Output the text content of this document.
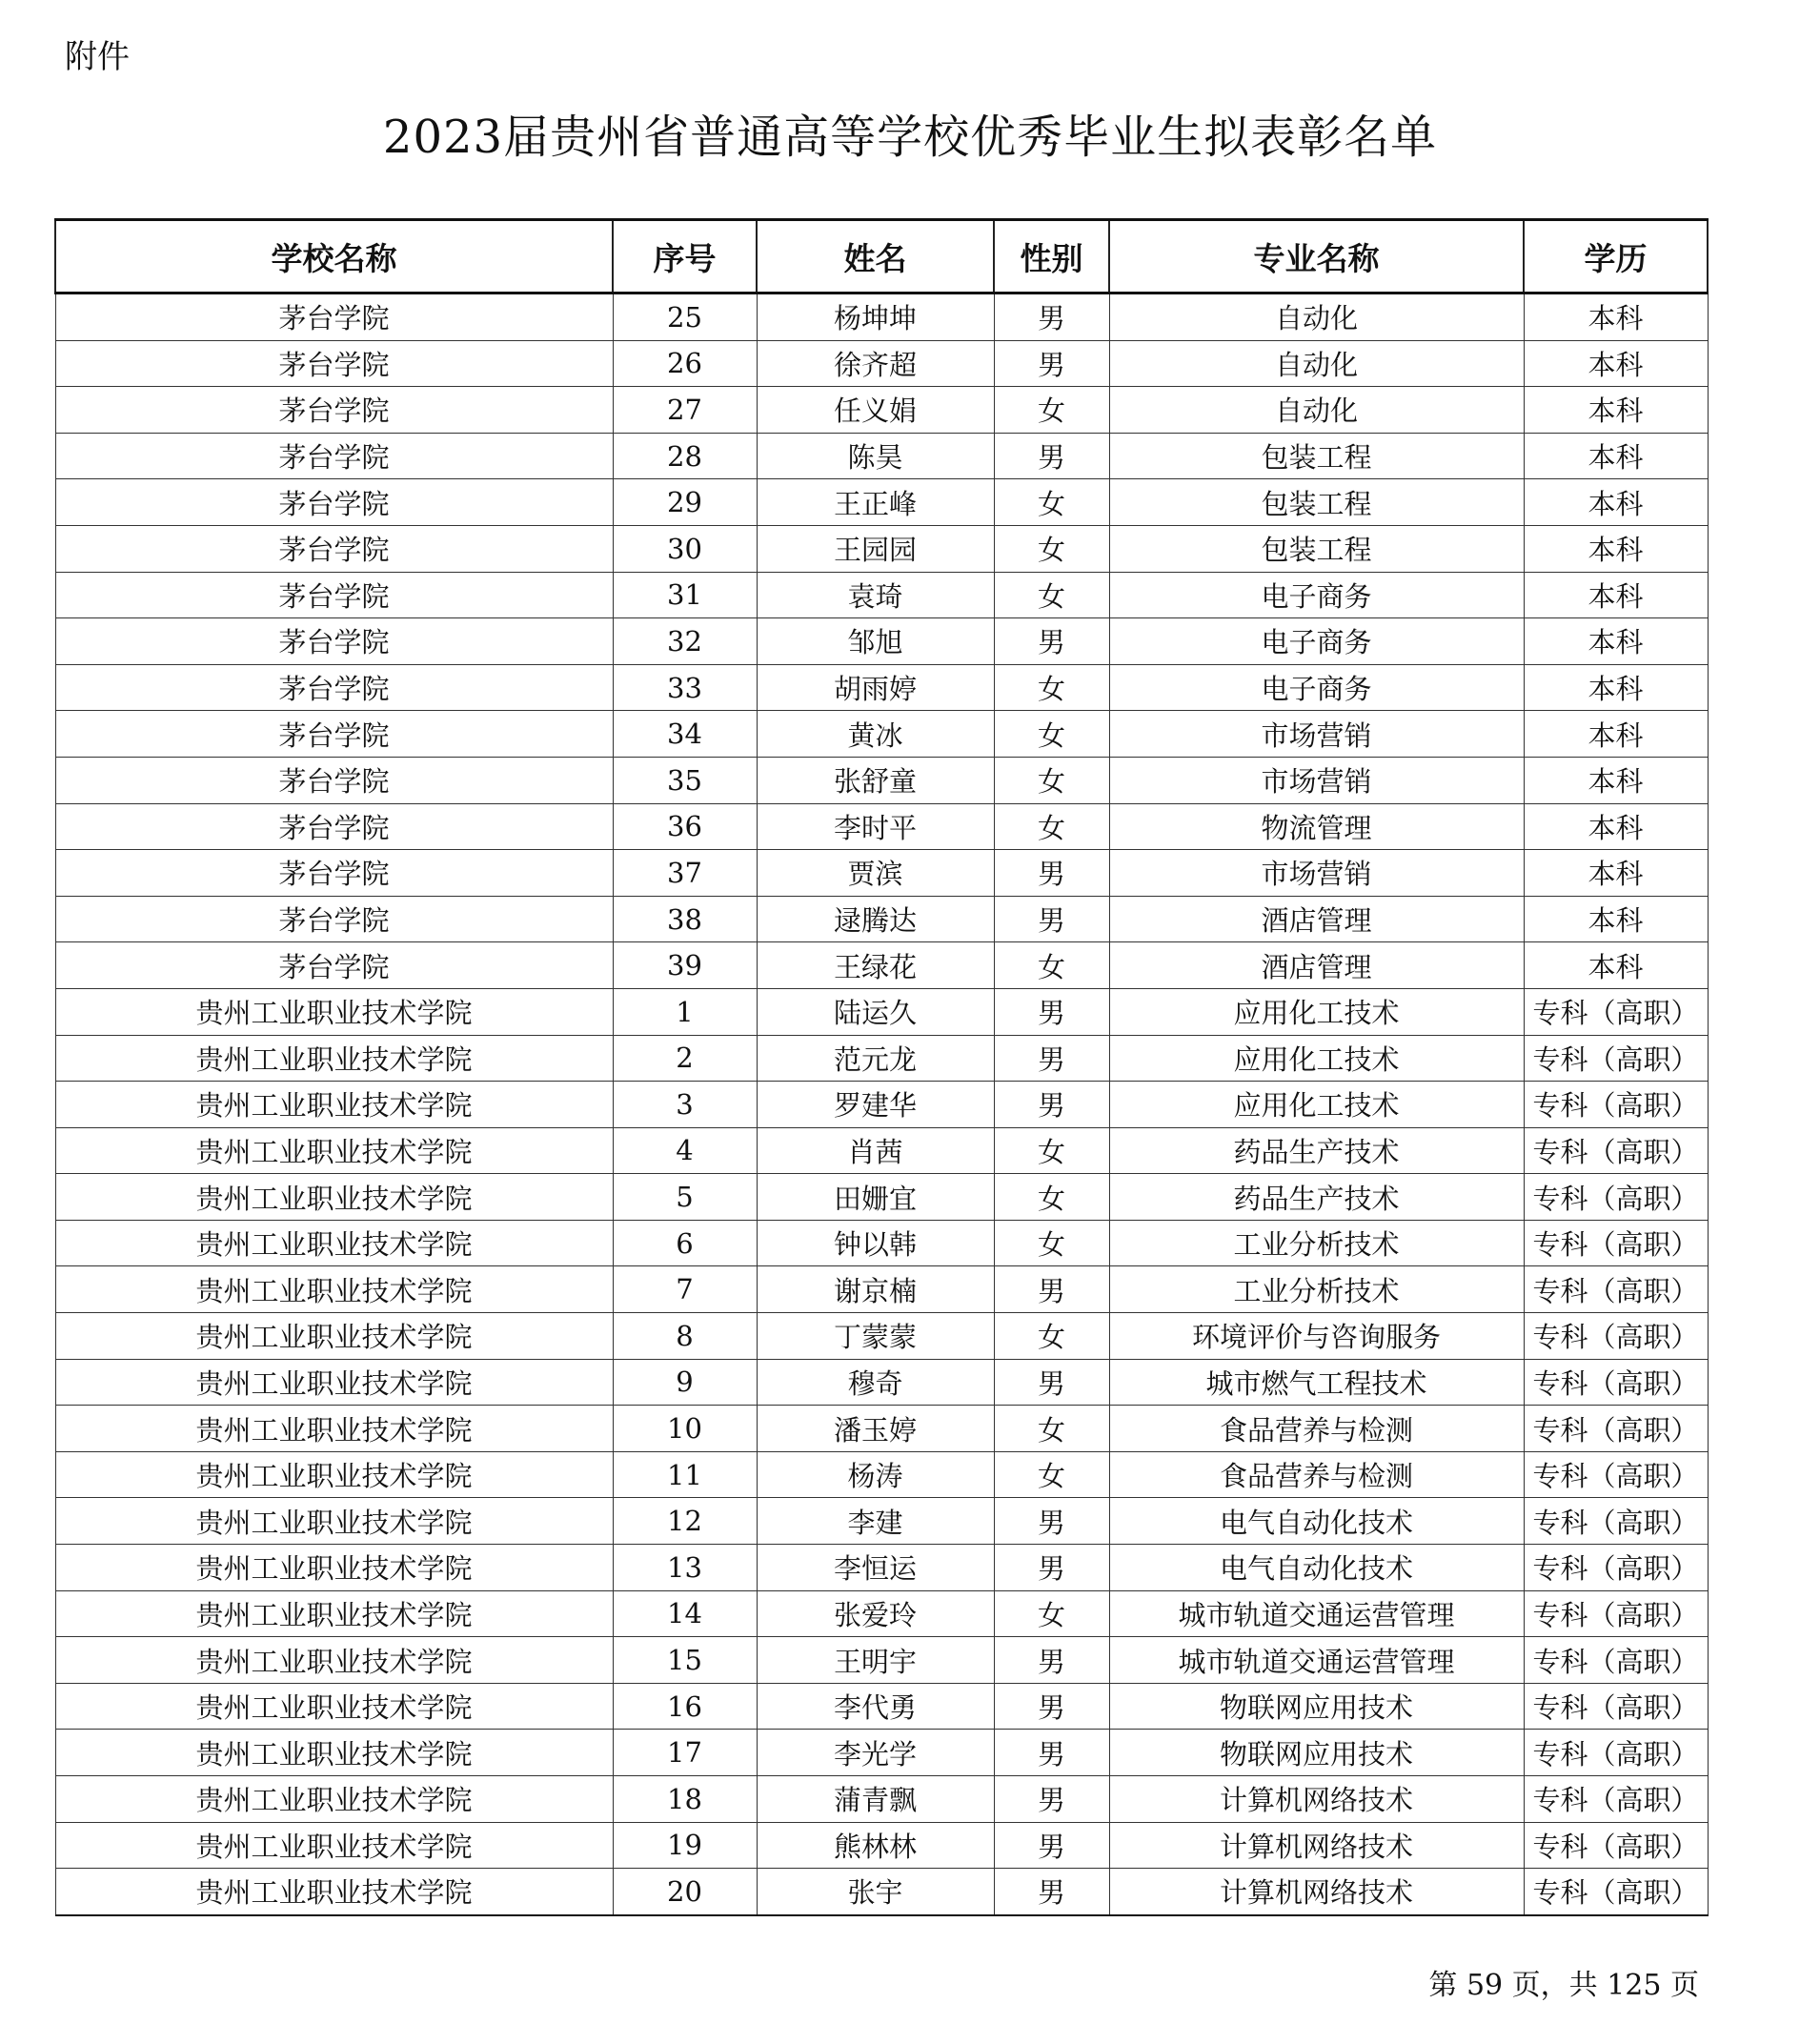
附件
2023届贵州省普通高等学校优秀毕业生拟表彰名单
学校名称	序号	姓名	性别	专业名称	学历
茅台学院	25	杨坤坤	男	自动化	本科
茅台学院	26	徐齐超	男	自动化	本科
茅台学院	27	任义娟	女	自动化	本科
茅台学院	28	陈昊	男	包装工程	本科
茅台学院	29	王正峰	女	包装工程	本科
茅台学院	30	王园园	女	包装工程	本科
茅台学院	31	袁琦	女	电子商务	本科
茅台学院	32	邹旭	男	电子商务	本科
茅台学院	33	胡雨婷	女	电子商务	本科
茅台学院	34	黄冰	女	市场营销	本科
茅台学院	35	张舒童	女	市场营销	本科
茅台学院	36	李时平	女	物流管理	本科
茅台学院	37	贾滨	男	市场营销	本科
茅台学院	38	逯腾达	男	酒店管理	本科
茅台学院	39	王绿花	女	酒店管理	本科
贵州工业职业技术学院	1	陆运久	男	应用化工技术	专科（高职）
贵州工业职业技术学院	2	范元龙	男	应用化工技术	专科（高职）
贵州工业职业技术学院	3	罗建华	男	应用化工技术	专科（高职）
贵州工业职业技术学院	4	肖茜	女	药品生产技术	专科（高职）
贵州工业职业技术学院	5	田姗宜	女	药品生产技术	专科（高职）
贵州工业职业技术学院	6	钟以韩	女	工业分析技术	专科（高职）
贵州工业职业技术学院	7	谢京楠	男	工业分析技术	专科（高职）
贵州工业职业技术学院	8	丁蒙蒙	女	环境评价与咨询服务	专科（高职）
贵州工业职业技术学院	9	穆奇	男	城市燃气工程技术	专科（高职）
贵州工业职业技术学院	10	潘玉婷	女	食品营养与检测	专科（高职）
贵州工业职业技术学院	11	杨涛	女	食品营养与检测	专科（高职）
贵州工业职业技术学院	12	李建	男	电气自动化技术	专科（高职）
贵州工业职业技术学院	13	李恒运	男	电气自动化技术	专科（高职）
贵州工业职业技术学院	14	张爱玲	女	城市轨道交通运营管理	专科（高职）
贵州工业职业技术学院	15	王明宇	男	城市轨道交通运营管理	专科（高职）
贵州工业职业技术学院	16	李代勇	男	物联网应用技术	专科（高职）
贵州工业职业技术学院	17	李光学	男	物联网应用技术	专科（高职）
贵州工业职业技术学院	18	蒲青飘	男	计算机网络技术	专科（高职）
贵州工业职业技术学院	19	熊林林	男	计算机网络技术	专科（高职）
贵州工业职业技术学院	20	张宇	男	计算机网络技术	专科（高职）
第 59 页，共 125 页
